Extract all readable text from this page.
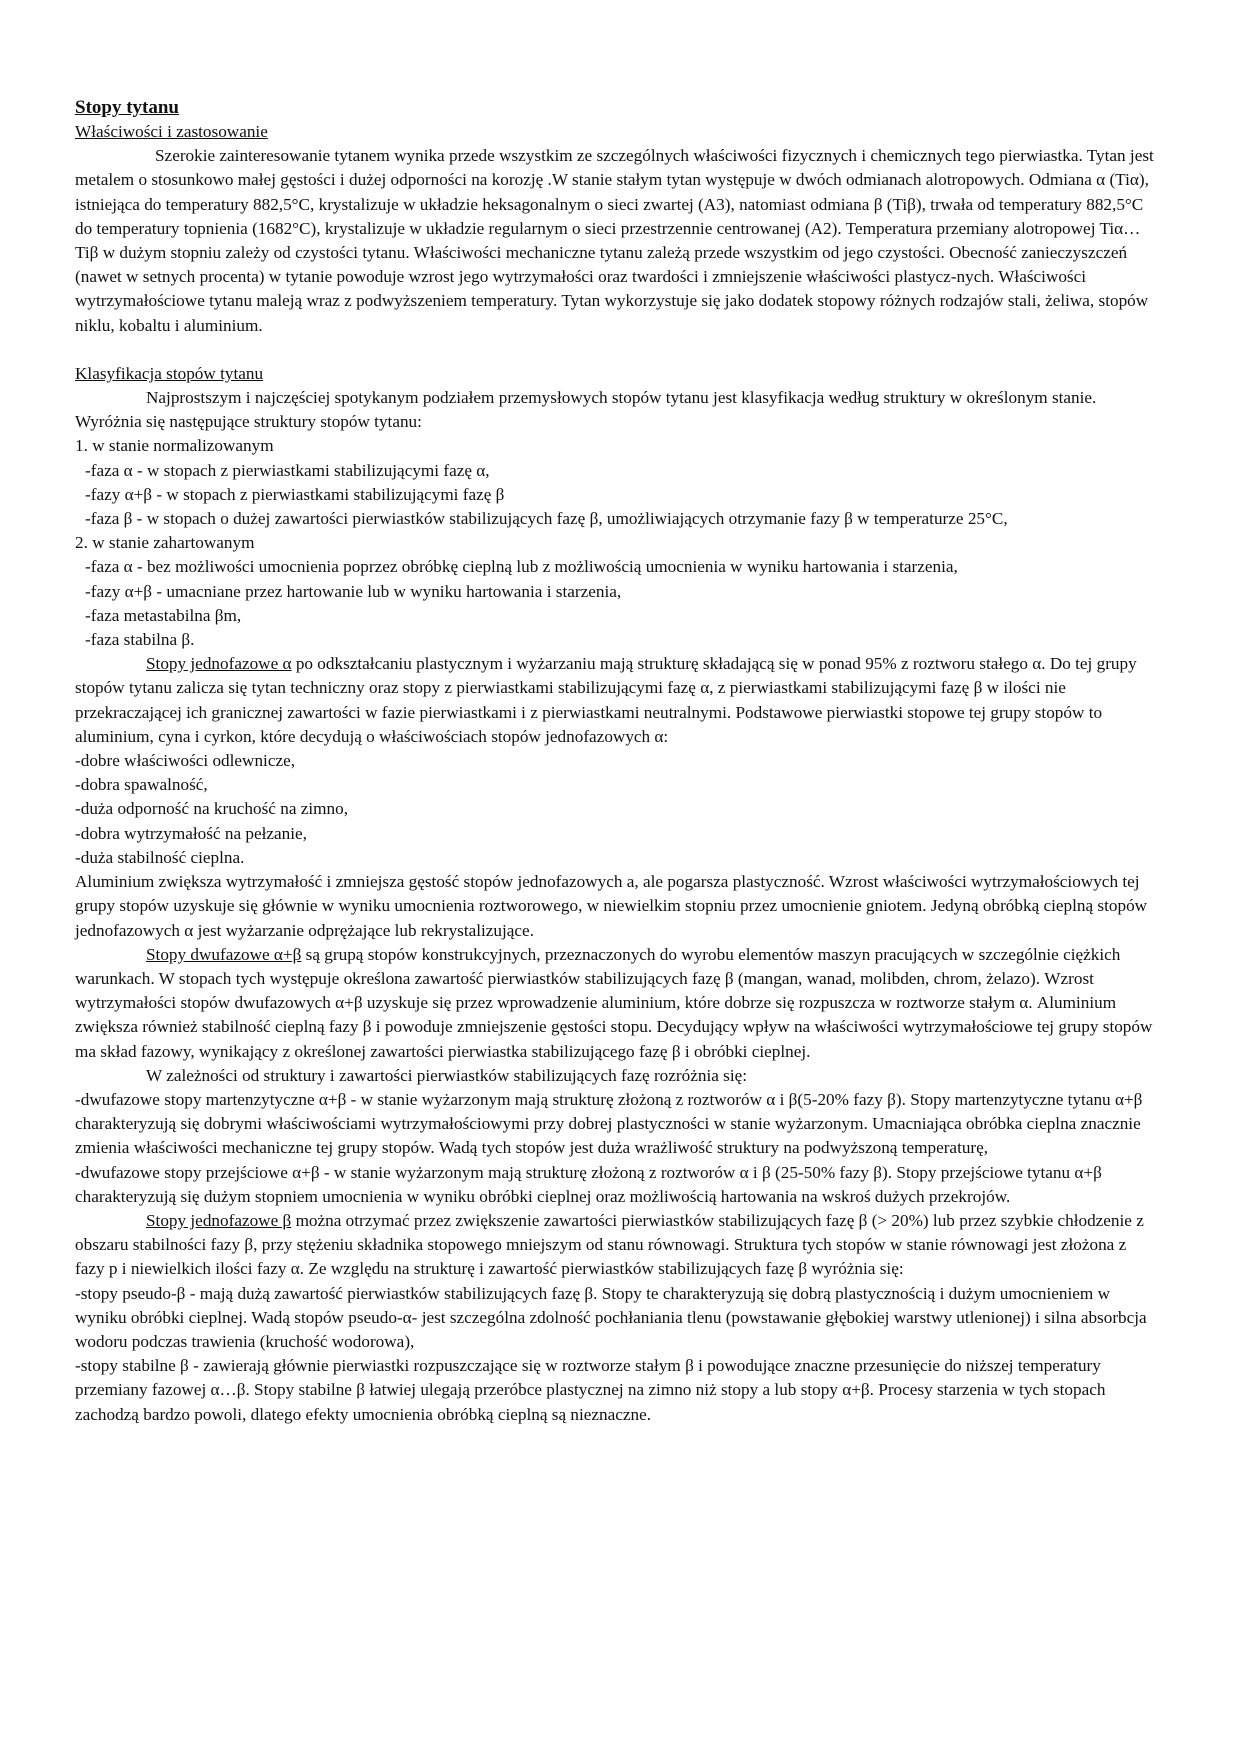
Stopy tytanu
Właściwości i zastosowanie

Szerokie zainteresowanie tytanem wynika przede wszystkim ze szczególnych właściwości fizycznych i chemicznych tego pierwiastka. Tytan jest metalem o stosunkowo małej gęstości i dużej odporności na korozję .W stanie stałym tytan występuje w dwóch odmianach alotropowych. Odmiana α (Tiα), istniejąca do temperatury 882,5°C, krystalizuje w układzie heksagonalnym o sieci zwartej (A3), natomiast odmiana β (Tiβ), trwała od temperatury 882,5°C do temperatury topnienia (1682°C), krystalizuje w układzie regularnym o sieci przestrzennie centrowanej (A2). Temperatura przemiany alotropowej Tiα…Tiβ w dużym stopniu zależy od czystości tytanu. Właściwości mechaniczne tytanu zależą przede wszystkim od jego czystości. Obecność zanieczyszczeń (nawet w setnych procenta) w tytanie powoduje wzrost jego wytrzymałości oraz twardości i zmniejszenie właściwości plastycz-nych. Właściwości wytrzymałościowe tytanu maleją wraz z podwyższeniem temperatury. Tytan wykorzystuje się jako dodatek stopowy różnych rodzajów stali, żeliwa, stopów niklu, kobaltu i aluminium.

Klasyfikacja stopów tytanu

Najprostszym i najczęściej spotykanym podziałem przemysłowych stopów tytanu jest klasyfikacja według struktury w określonym stanie. Wyróżnia się następujące struktury stopów tytanu:

1. w stanie normalizowanym

-faza α - w stopach z pierwiastkami stabilizującymi fazę α,

-fazy α+β - w stopach z pierwiastkami stabilizującymi fazę β

-faza β - w stopach o dużej zawartości pierwiastków stabilizujących fazę β, umożliwiających otrzymanie fazy β w temperaturze 25°C,

2. w stanie zahartowanym

-faza α - bez możliwości umocnienia poprzez obróbkę cieplną lub z możliwością umocnienia w wyniku hartowania i starzenia,

-fazy α+β - umacniane przez hartowanie lub w wyniku hartowania i starzenia,

-faza metastabilna βm,

-faza stabilna β.

Stopy jednofazowe α po odkształcaniu plastycznym i wyżarzaniu mają strukturę składającą się w ponad 95% z roztworu stałego α. Do tej grupy stopów tytanu zalicza się tytan techniczny oraz stopy z pierwiastkami stabilizującymi fazę α, z pierwiastkami stabilizującymi fazę β w ilości nie przekraczającej ich granicznej zawartości w fazie pierwiastkami i z pierwiastkami neutralnymi. Podstawowe pierwiastki stopowe tej grupy stopów to aluminium, cyna i cyrkon, które decydują o właściwościach stopów jednofazowych α:

-dobre właściwości odlewnicze,

-dobra spawalność,

-duża odporność na kruchość na zimno,

-dobra wytrzymałość na pełzanie,

-duża stabilność cieplna.

Aluminium zwiększa wytrzymałość i zmniejsza gęstość stopów jednofazowych a, ale pogarsza plastyczność. Wzrost właściwości wytrzymałościowych tej grupy stopów uzyskuje się głównie w wyniku umocnienia roztworowego, w niewielkim stopniu przez umocnienie gniotem. Jedyną obróbką cieplną stopów jednofazowych α jest wyżarzanie odprężające lub rekrystalizujące.

Stopy dwufazowe α+β są grupą stopów konstrukcyjnych, przeznaczonych do wyrobu elementów maszyn pracujących w szczególnie ciężkich warunkach. W stopach tych występuje określona zawartość pierwiastków stabilizujących fazę β (mangan, wanad, molibden, chrom, żelazo). Wzrost wytrzymałości stopów dwufazowych α+β uzyskuje się przez wprowadzenie aluminium, które dobrze się rozpuszcza w roztworze stałym α. Aluminium zwiększa również stabilność cieplną fazy β i powoduje zmniejszenie gęstości stopu. Decydujący wpływ na właściwości wytrzymałościowe tej grupy stopów ma skład fazowy, wynikający z określonej zawartości pierwiastka stabilizującego fazę β i obróbki cieplnej.

W zależności od struktury i zawartości pierwiastków stabilizujących fazę rozróżnia się:

-dwufazowe stopy martenzytyczne α+β - w stanie wyżarzonym mają strukturę złożoną z roztworów α i β(5-20% fazy β). Stopy martenzytyczne tytanu α+β charakteryzują się dobrymi właściwościami wytrzymałościowymi przy dobrej plastyczności w stanie wyżarzonym. Umacniająca obróbka cieplna znacznie zmienia właściwości mechaniczne tej grupy stopów. Wadą tych stopów jest duża wrażliwość struktury na podwyższoną temperaturę,

-dwufazowe stopy przejściowe α+β - w stanie wyżarzonym mają strukturę złożoną z roztworów α i β (25-50% fazy β). Stopy przejściowe tytanu α+β charakteryzują się dużym stopniem umocnienia w wyniku obróbki cieplnej oraz możliwością hartowania na wskroś dużych przekrojów.

Stopy jednofazowe β można otrzymać przez zwiększenie zawartości pierwiastków stabilizujących fazę β (> 20%) lub przez szybkie chłodzenie z obszaru stabilności fazy β, przy stężeniu składnika stopowego mniejszym od stanu równowagi. Struktura tych stopów w stanie równowagi jest złożona z fazy p i niewielkich ilości fazy α. Ze względu na strukturę i zawartość pierwiastków stabilizujących fazę β wyróżnia się:

-stopy pseudo-β - mają dużą zawartość pierwiastków stabilizujących fazę β. Stopy te charakteryzują się dobrą plastycznością i dużym umocnieniem w wyniku obróbki cieplnej. Wadą stopów pseudo-α- jest szczególna zdolność pochłaniania tlenu (powstawanie głębokiej warstwy utlenionej) i silna absorbcja wodoru podczas trawienia (kruchość wodorowa),

-stopy stabilne β - zawierają głównie pierwiastki rozpuszczające się w roztworze stałym β i powodujące znaczne przesunięcie do niższej temperatury przemiany fazowej α…β. Stopy stabilne β łatwiej ulegają przeróbce plastycznej na zimno niż stopy a lub stopy α+β. Procesy starzenia w tych stopach zachodzą bardzo powoli, dlatego efekty umocnienia obróbką cieplną są nieznaczne.
